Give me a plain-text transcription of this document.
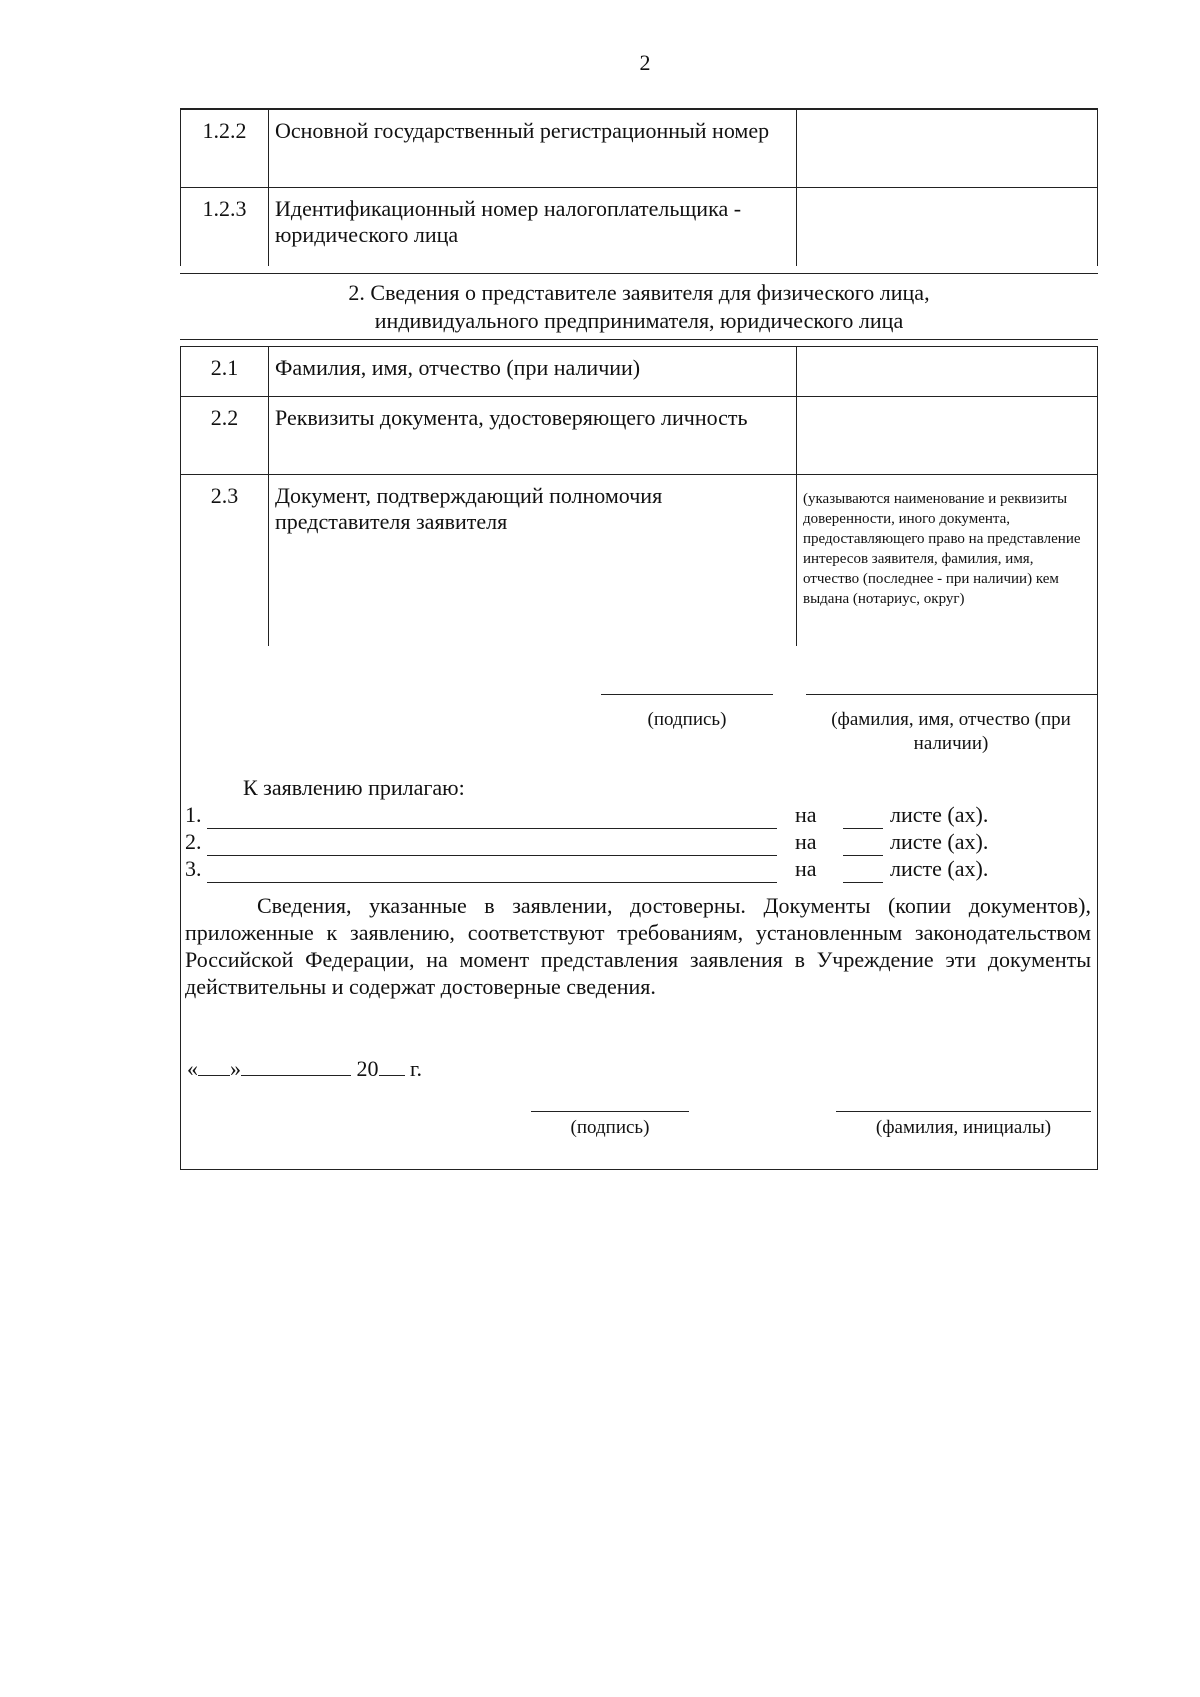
2
1.2.2	Основной государственный регистрационный номер	
1.2.3	Идентификационный номер налогоплательщика - юридического лица	
2. Сведения о представителе заявителя для физического лица,
индивидуального предпринимателя, юридического лица
2.1	Фамилия, имя, отчество (при наличии)	
2.2	Реквизиты документа, удостоверяющего личность	
2.3	Документ, подтверждающий полномочия представителя заявителя	(указываются наименование и реквизиты доверенности, иного документа, предоставляющего право на представление интересов заявителя, фамилия, имя, отчество (последнее - при наличии) кем выдана (нотариус, округ)
(подпись)	(фамилия, имя, отчество (при
наличии)
К заявлению прилагаю:
1.	на	листе (ах).
2.	на	листе (ах).
3.	на	листе (ах).
Сведения, указанные в заявлении, достоверны. Документы (копии документов), приложенные к заявлению, соответствуют требованиям, установленным законодательством Российской Федерации, на момент представления заявления в Учреждение эти документы действительны и содержат достоверные сведения.
« »	20 г.
(подпись)	(фамилия, инициалы)
